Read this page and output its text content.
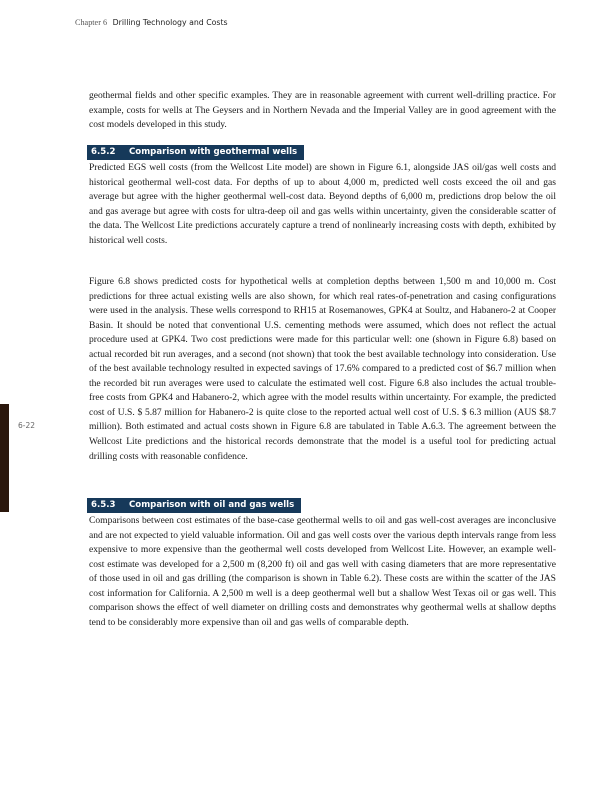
Chapter 6 Drilling Technology and Costs
6-22

geothermal fields and other specific examples. They are in reasonable agreement with current well-drilling practice. For example, costs for wells at The Geysers and in Northern Nevada and the Imperial Valley are in good agreement with the cost models developed in this study.

6.5.2 Comparison with geothermal wells

Predicted EGS well costs (from the Wellcost Lite model) are shown in Figure 6.1, alongside JAS oil/gas well costs and historical geothermal well-cost data. For depths of up to about 4,000 m, predicted well costs exceed the oil and gas average but agree with the higher geothermal well-cost data. Beyond depths of 6,000 m, predictions drop below the oil and gas average but agree with costs for ultra-deep oil and gas wells within uncertainty, given the considerable scatter of the data. The Wellcost Lite predictions accurately capture a trend of nonlinearly increasing costs with depth, exhibited by historical well costs.

Figure 6.8 shows predicted costs for hypothetical wells at completion depths between 1,500 m and 10,000 m. Cost predictions for three actual existing wells are also shown, for which real rates-of-penetration and casing configurations were used in the analysis. These wells correspond to RH15 at Rosemanowes, GPK4 at Soultz, and Habanero-2 at Cooper Basin. It should be noted that conventional U.S. cementing methods were assumed, which does not reflect the actual procedure used at GPK4. Two cost predictions were made for this particular well: one (shown in Figure 6.8) based on actual recorded bit run averages, and a second (not shown) that took the best available technology into consideration. Use of the best available technology resulted in expected savings of 17.6% compared to a predicted cost of $6.7 million when the recorded bit run averages were used to calculate the estimated well cost. Figure 6.8 also includes the actual trouble-free costs from GPK4 and Habanero-2, which agree with the model results within uncertainty. For example, the predicted cost of U.S. $ 5.87 million for Habanero-2 is quite close to the reported actual well cost of U.S. $ 6.3 million (AUS $8.7 million). Both estimated and actual costs shown in Figure 6.8 are tabulated in Table A.6.3. The agreement between the Wellcost Lite predictions and the historical records demonstrate that the model is a useful tool for predicting actual drilling costs with reasonable confidence.

6.5.3 Comparison with oil and gas wells

Comparisons between cost estimates of the base-case geothermal wells to oil and gas well-cost averages are inconclusive and are not expected to yield valuable information. Oil and gas well costs over the various depth intervals range from less expensive to more expensive than the geothermal well costs developed from Wellcost Lite. However, an example well-cost estimate was developed for a 2,500 m (8,200 ft) oil and gas well with casing diameters that are more representative of those used in oil and gas drilling (the comparison is shown in Table 6.2). These costs are within the scatter of the JAS cost information for California. A 2,500 m well is a deep geothermal well but a shallow West Texas oil or gas well. This comparison shows the effect of well diameter on drilling costs and demonstrates why geothermal wells at shallow depths tend to be considerably more expensive than oil and gas wells of comparable depth.
